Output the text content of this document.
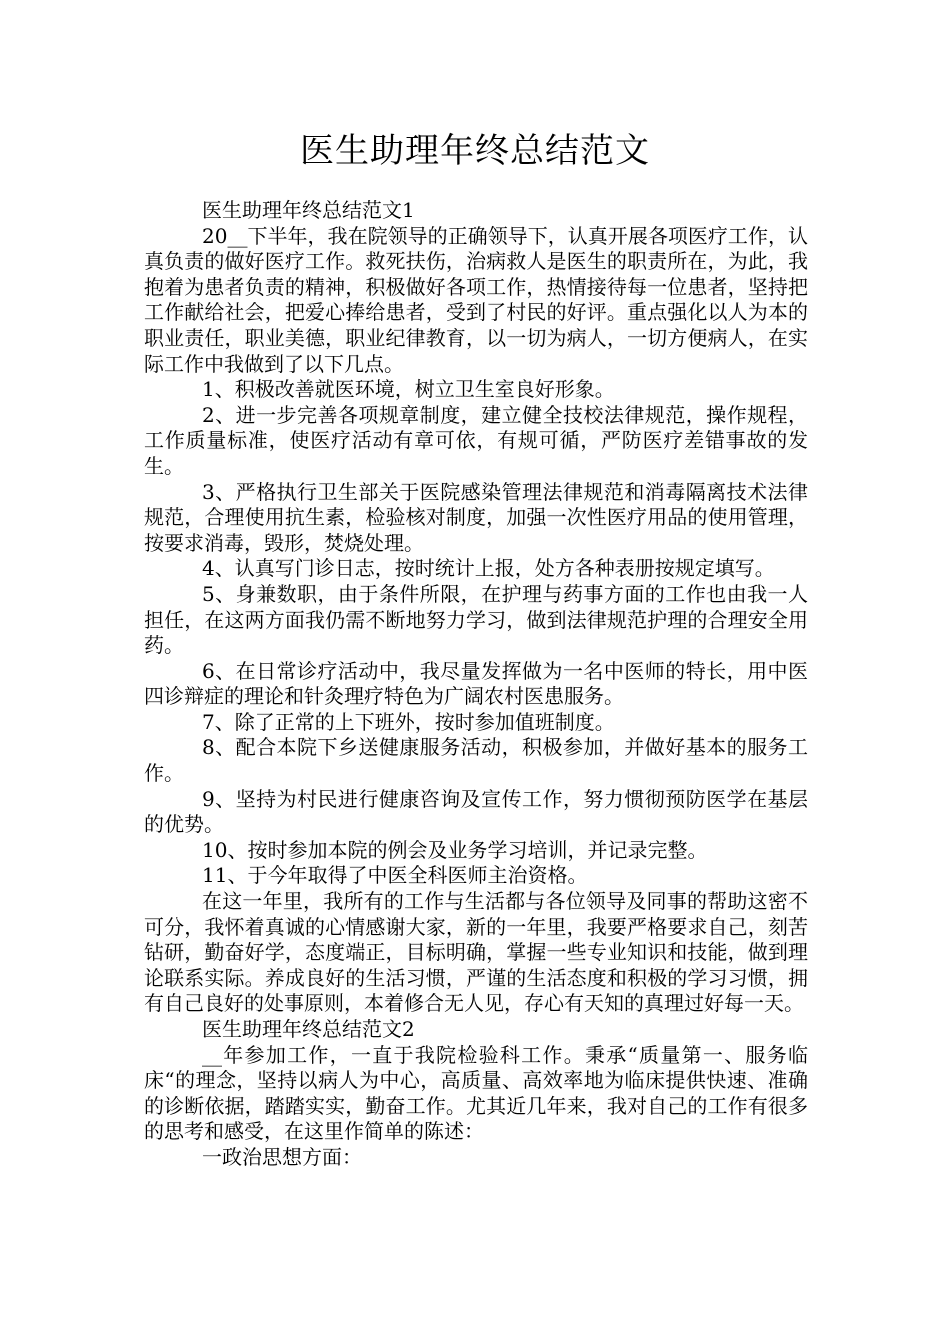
医生助理年终总结范文

医生助理年终总结范文1

20__下半年，我在院领导的正确领导下，认真开展各项医疗工作，认真负责的做好医疗工作。救死扶伤，治病救人是医生的职责所在，为此，我抱着为患者负责的精神，积极做好各项工作，热情接待每一位患者，坚持把工作献给社会，把爱心捧给患者，受到了村民的好评。重点强化以人为本的职业责任，职业美德，职业纪律教育，以一切为病人，一切方便病人，在实际工作中我做到了以下几点。

1、积极改善就医环境，树立卫生室良好形象。

2、进一步完善各项规章制度，建立健全技校法律规范，操作规程，工作质量标准，使医疗活动有章可依，有规可循，严防医疗差错事故的发生。

3、严格执行卫生部关于医院感染管理法律规范和消毒隔离技术法律规范，合理使用抗生素，检验核对制度，加强一次性医疗用品的使用管理，按要求消毒，毁形，焚烧处理。

4、认真写门诊日志，按时统计上报，处方各种表册按规定填写。

5、身兼数职，由于条件所限，在护理与药事方面的工作也由我一人担任，在这两方面我仍需不断地努力学习，做到法律规范护理的合理安全用药。

6、在日常诊疗活动中，我尽量发挥做为一名中医师的特长，用中医四诊辩症的理论和针灸理疗特色为广阔农村医患服务。

7、除了正常的上下班外，按时参加值班制度。

8、配合本院下乡送健康服务活动，积极参加，并做好基本的服务工作。

9、坚持为村民进行健康咨询及宣传工作，努力惯彻预防医学在基层的优势。

10、按时参加本院的例会及业务学习培训，并记录完整。

11、于今年取得了中医全科医师主治资格。

在这一年里，我所有的工作与生活都与各位领导及同事的帮助这密不可分，我怀着真诚的心情感谢大家，新的一年里，我要严格要求自己，刻苦钻研，勤奋好学，态度端正，目标明确，掌握一些专业知识和技能，做到理论联系实际。养成良好的生活习惯，严谨的生活态度和积极的学习习惯，拥有自己良好的处事原则，本着修合无人见，存心有天知的真理过好每一天。

医生助理年终总结范文2

__年参加工作，一直于我院检验科工作。秉承“质量第一、服务临床“的理念，坚持以病人为中心，高质量、高效率地为临床提供快速、准确的诊断依据，踏踏实实，勤奋工作。尤其近几年来，我对自己的工作有很多的思考和感受，在这里作简单的陈述：

一政治思想方面：
